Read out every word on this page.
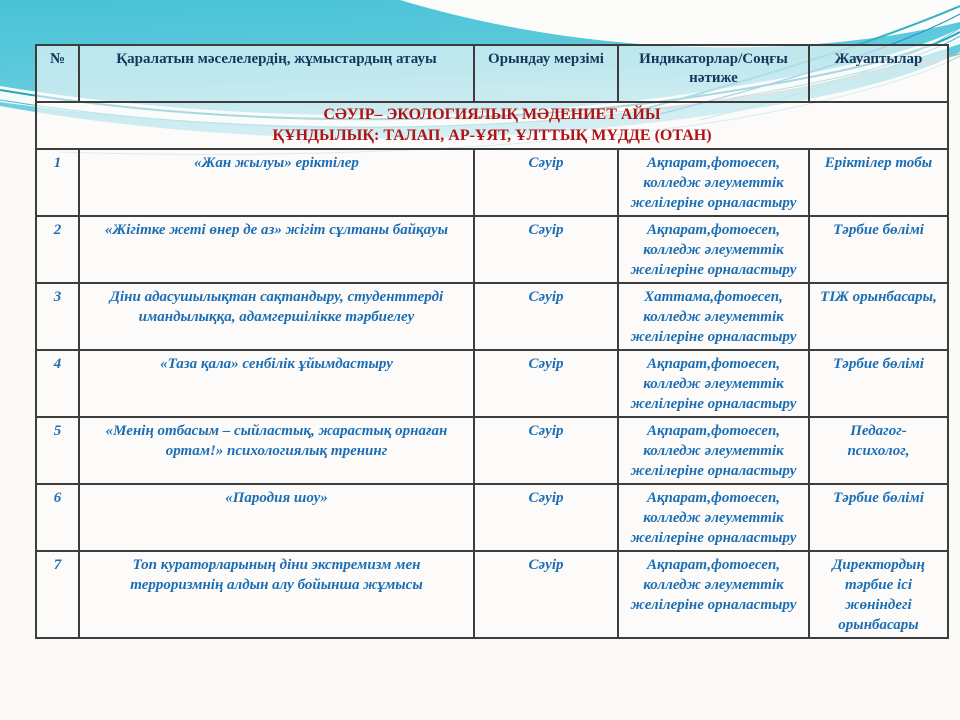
№	Қаралатын мәселелердің, жұмыстардың атауы	Орындау мерзімі	Индикаторлар/Соңғы нәтиже	Жауаптылар

СӘУІР– ЭКОЛОГИЯЛЫҚ МӘДЕНИЕТ АЙЫ
ҚҰНДЫЛЫҚ: ТАЛАП, АР-ҰЯТ, ҰЛТТЫҚ МҮДДЕ (ОТАН)				

1	«Жан жылуы» еріктілер	Сәуір	Ақпарат,фотоесеп, колледж әлеуметтік желілеріне орналастыру	Еріктілер тобы
2	«Жігітке жеті өнер де аз» жігіт сұлтаны байқауы	Сәуір	Ақпарат,фотоесеп, колледж әлеуметтік желілеріне орналастыру	Тәрбие бөлімі
3	Діни адасушылықтан сақтандыру, студенттерді имандылыққа, адамгершілікке тәрбиелеу	Сәуір	Хаттама,фотоесеп, колледж әлеуметтік желілеріне орналастыру	ТІЖ орынбасары,
4	«Таза қала» сенбілік ұйымдастыру	Сәуір	Ақпарат,фотоесеп, колледж әлеуметтік желілеріне орналастыру	Тәрбие бөлімі
5	«Менің отбасым – сыйластық, жарастық орнаған ортам!» психологиялық тренинг	Сәуір	Ақпарат,фотоесеп, колледж әлеуметтік желілеріне орналастыру	Педагог-психолог,
6	«Пародия шоу»	Сәуір	Ақпарат,фотоесеп, колледж әлеуметтік желілеріне орналастыру	Тәрбие бөлімі
7	Топ кураторларының діни экстремизм мен терроризмнің алдын алу бойынша жұмысы	Сәуір	Ақпарат,фотоесеп, колледж әлеуметтік желілеріне орналастыру	Директордың тәрбие ісі жөніндегі орынбасары
